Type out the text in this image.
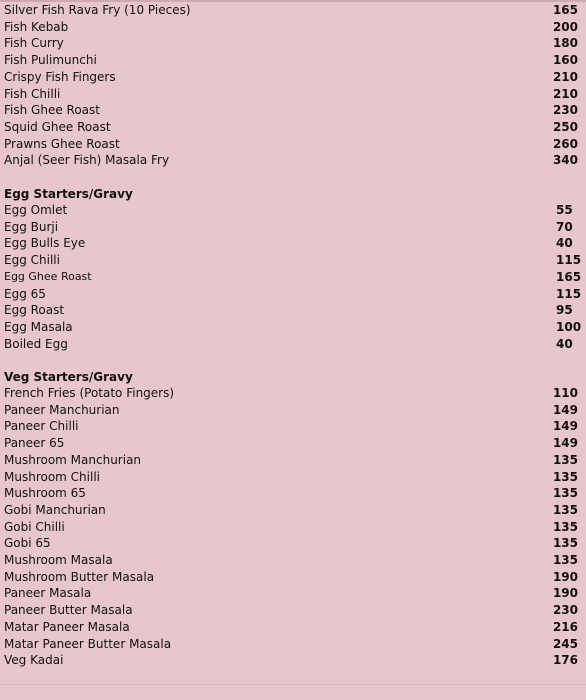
Silver Fish Rava Fry (10 Pieces)	165
Fish Kebab	200
Fish Curry	180
Fish Pulimunchi	160
Crispy Fish Fingers	210
Fish Chilli	210
Fish Ghee Roast	230
Squid Ghee Roast	250
Prawns Ghee Roast	260
Anjal (Seer Fish) Masala Fry	340
Egg Starters/Gravy
Egg Omlet	55
Egg Burji	70
Egg Bulls Eye	40
Egg Chilli	115
Egg Ghee Roast	165
Egg 65	115
Egg Roast	95
Egg Masala	100
Boiled Egg	40
Veg Starters/Gravy
French Fries (Potato Fingers)	110
Paneer Manchurian	149
Paneer Chilli	149
Paneer 65	149
Mushroom Manchurian	135
Mushroom Chilli	135
Mushroom 65	135
Gobi Manchurian	135
Gobi Chilli	135
Gobi 65	135
Mushroom Masala	135
Mushroom Butter Masala	190
Paneer Masala	190
Paneer Butter Masala	230
Matar Paneer Masala	216
Matar Paneer Butter Masala	245
Veg Kadai	176
